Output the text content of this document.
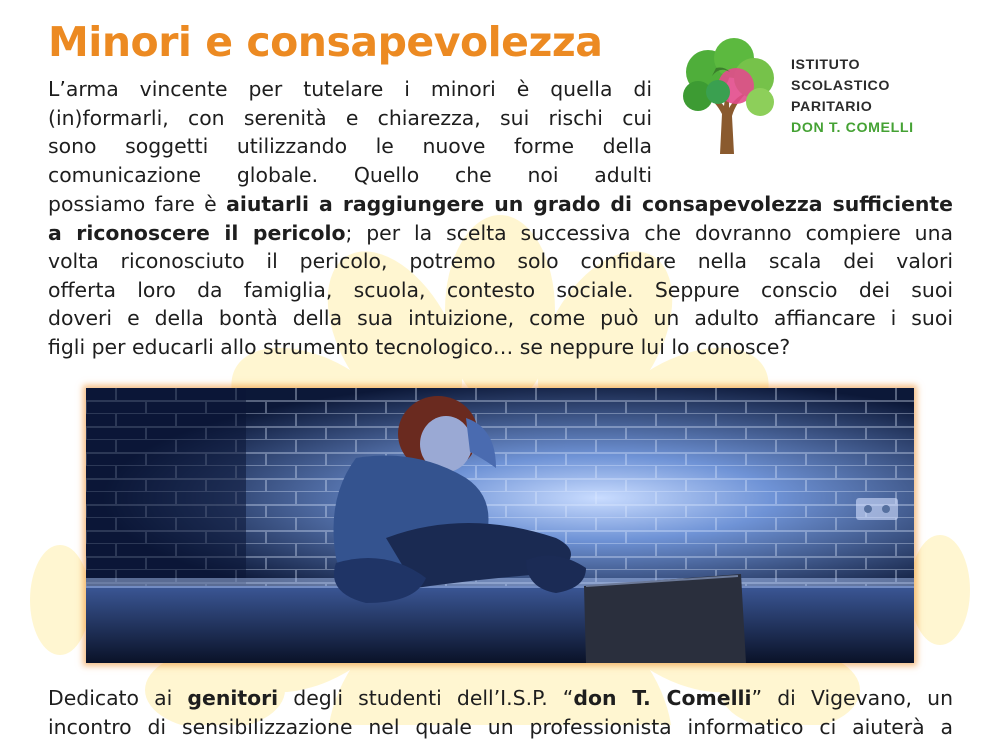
Minori e consapevolezza	ISTITUTO
SCOLASTICO
PARITARIO
DON T. COMELLI
L’arma vincente per tutelare i minori è quella di
(in)formarli, con serenità e chiarezza, sui rischi cui
sono soggetti utilizzando le nuove forme della
comunicazione globale. Quello che noi adulti
possiamo fare è aiutarli a raggiungere un grado di consapevolezza sufficiente
a riconoscere il pericolo; per la scelta successiva che dovranno compiere una
volta riconosciuto il pericolo, potremo solo confidare nella scala dei valori
offerta loro da famiglia, scuola, contesto sociale. Seppure conscio dei suoi
doveri e della bontà della sua intuizione, come può un adulto affiancare i suoi
figli per educarli allo strumento tecnologico… se neppure lui lo conosce?
Dedicato ai genitori degli studenti dell’I.S.P. “don T. Comelli” di Vigevano, un
incontro di sensibilizzazione nel quale un professionista informatico ci aiuterà a
